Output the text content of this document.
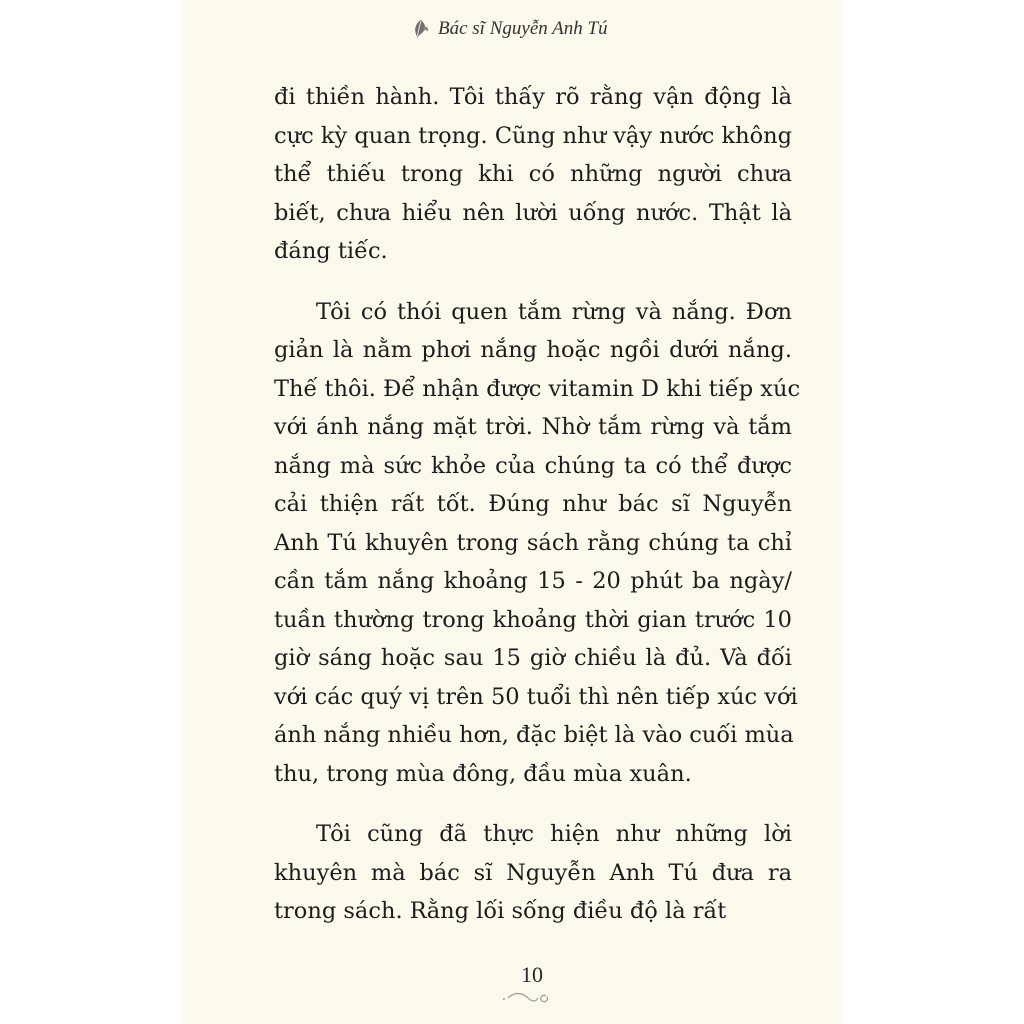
Bác sĩ Nguyễn Anh Tú
đi thiền hành. Tôi thấy rõ rằng vận động là
cực kỳ quan trọng. Cũng như vậy nước không
thể thiếu trong khi có những người chưa
biết, chưa hiểu nên lười uống nước. Thật là
đáng tiếc.
Tôi có thói quen tắm rừng và nắng. Đơn
giản là nằm phơi nắng hoặc ngồi dưới nắng.
Thế thôi. Để nhận được vitamin D khi tiếp xúc
với ánh nắng mặt trời. Nhờ tắm rừng và tắm
nắng mà sức khỏe của chúng ta có thể được
cải thiện rất tốt. Đúng như bác sĩ Nguyễn
Anh Tú khuyên trong sách rằng chúng ta chỉ
cần tắm nắng khoảng 15 - 20 phút ba ngày/
tuần thường trong khoảng thời gian trước 10
giờ sáng hoặc sau 15 giờ chiều là đủ. Và đối
với các quý vị trên 50 tuổi thì nên tiếp xúc với
ánh nắng nhiều hơn, đặc biệt là vào cuối mùa
thu, trong mùa đông, đầu mùa xuân.
Tôi cũng đã thực hiện như những lời
khuyên mà bác sĩ Nguyễn Anh Tú đưa ra
trong sách. Rằng lối sống điều độ là rất
10
